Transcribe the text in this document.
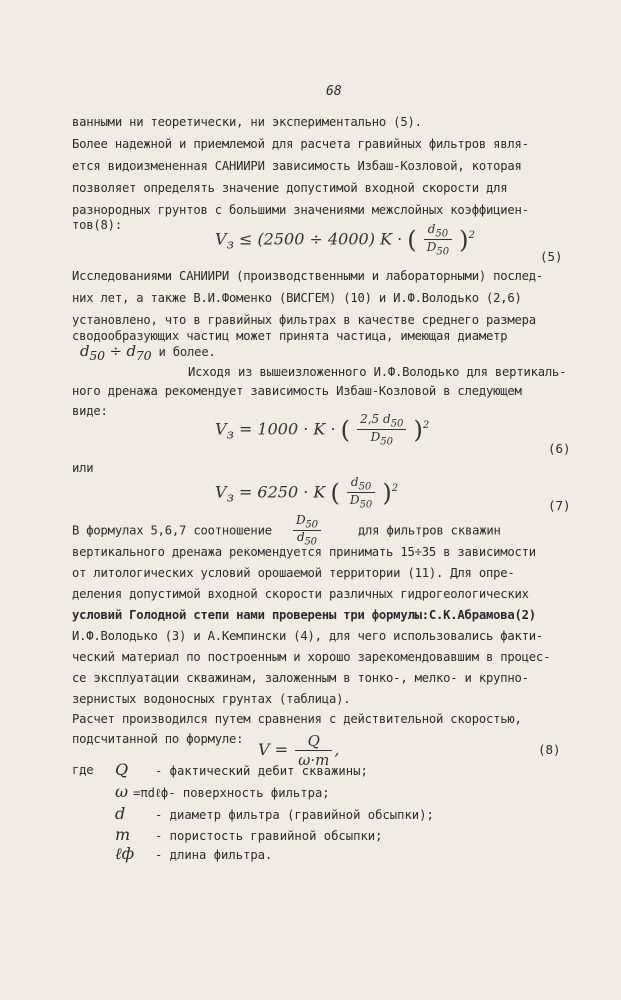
68
ванными ни теоретически, ни экспериментально (5).
Более надежной и приемлемой для расчета гравийных фильтров явля-
ется видоизмененная САНИИРИ зависимость Избаш-Козловой, которая
позволяет определять значение допустимой входной скорости для
разнородных грунтов с большими значениями межслойных коэффициен-
тов(8):
$V_з \le (2500 \div 4000) K$ · ( $\frac{d_{50}}{D_{50}} )^2$
(5)
Исследованиями САНИИРИ (производственными и лабораторными) послед-
них лет, а также В.И.Фоменко (ВИСГЕМ) (10) и И.Ф.Володько (2,6)
установлено, что в гравийных фильтрах в качестве среднего размера
сводообразующих частиц может принята частица, имеющая диаметр
$d_{50} \div d_{70}$ и более.
Исходя из вышеизложенного И.Ф.Володько для вертикаль-
ного дренажа рекомендует зависимость Избаш-Козловой в следующем
виде:
$V_з = 1000 \cdot K$ · ( $\frac{2,5 d_{50}}{D_{50}} )^2$
(6)
или
$V_з = 6250 \cdot K$ ( $\frac{d_{50}}{D_{50}} )^2$
(7)
В формулах 5,6,7 соотношение $\frac{D_{50}}{d_{50}}$	для фильтров скважин
вертикального дренажа рекомендуется принимать 15÷35 в зависимости
от литологических условий орошаемой территории (11). Для опре-
деления допустимой входной скорости различных гидрогеологических
условий Голодной степи нами проверены три формулы:С.К.Абрамова(2)
И.Ф.Володько (3) и А.Кемпински (4), для чего использовались факти-
ческий материал по построенным и хорошо зарекомендовавшим в процес-
се эксплуатации скважинам, заложенным в тонко-, мелко- и крупно-
зернистых водоносных грунтах (таблица).
Расчет производился путем сравнения с действительной скоростью,
подсчитанной по формуле:
$V = \frac{Q}{\omega\cdot m}$ ,	(8)
где Q - фактический дебит скважины;
ω =πdℓф- поверхность фильтра;
d - диаметр фильтра (гравийной обсыпки);
m - пористость гравийной обсыпки;
ℓф - длина фильтра.
